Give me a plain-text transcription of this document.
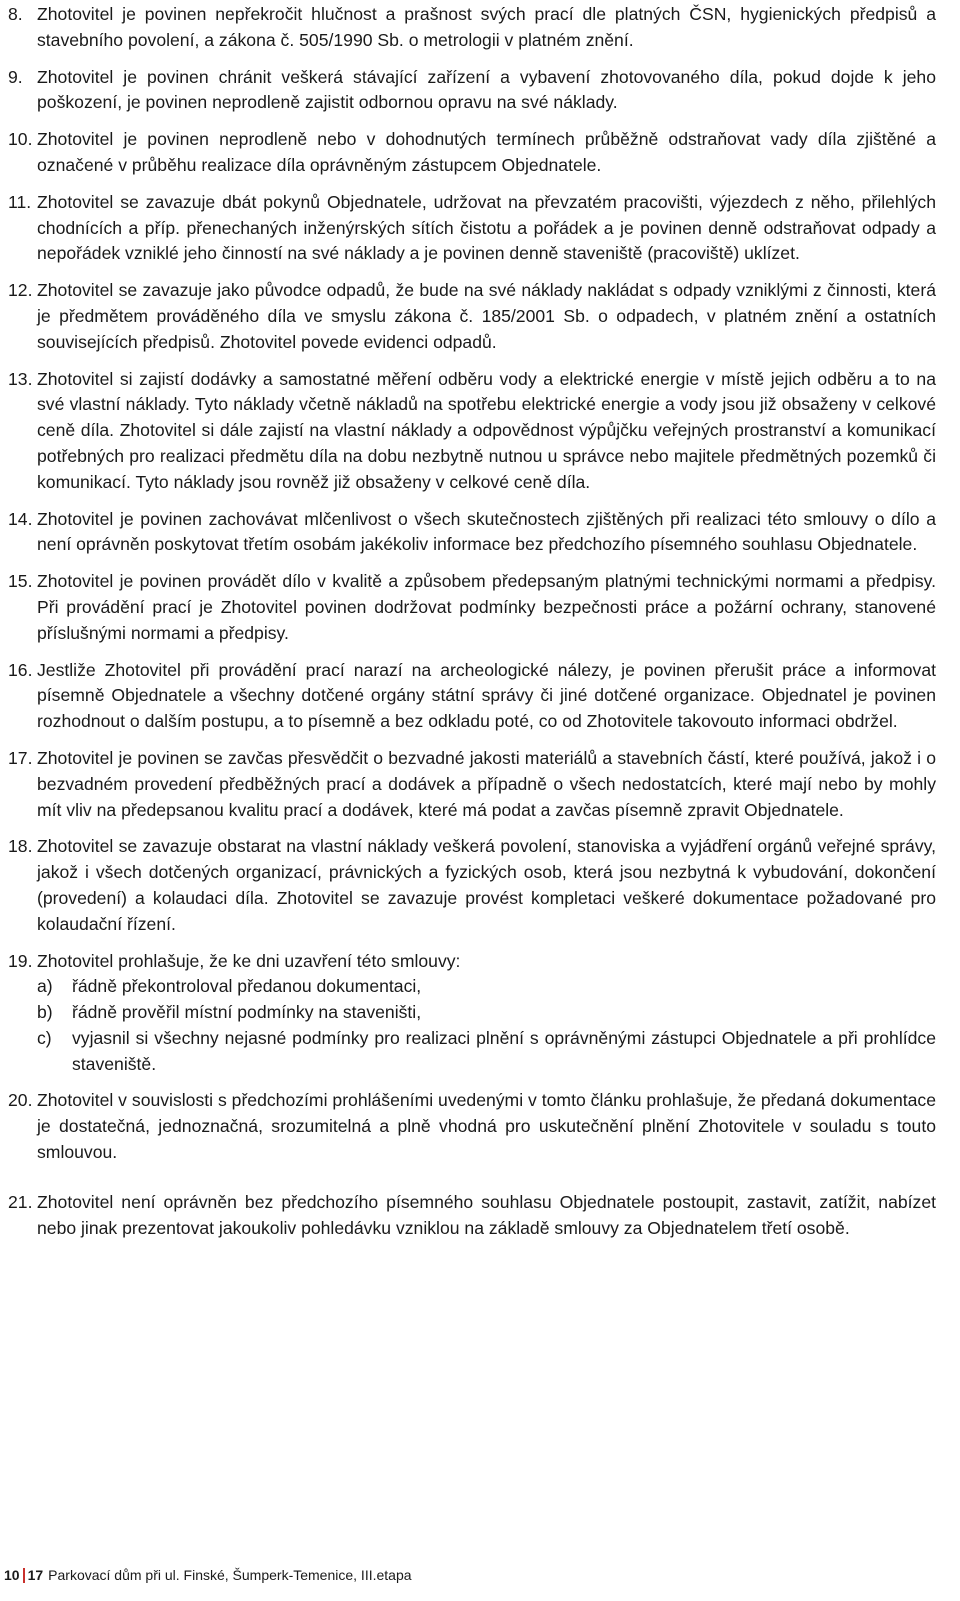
8. Zhotovitel je povinen nepřekročit hlučnost a prašnost svých prací dle platných ČSN, hygienických předpisů a stavebního povolení, a zákona č. 505/1990 Sb. o metrologii v platném znění.
9. Zhotovitel je povinen chránit veškerá stávající zařízení a vybavení zhotovovaného díla, pokud dojde k jeho poškození, je povinen neprodleně zajistit odbornou opravu na své náklady.
10. Zhotovitel je povinen neprodleně nebo v dohodnutých termínech průběžně odstraňovat vady díla zjištěné a označené v průběhu realizace díla oprávněným zástupcem Objednatele.
11. Zhotovitel se zavazuje dbát pokynů Objednatele, udržovat na převzatém pracovišti, výjezdech z něho, přilehlých chodnících a příp. přenechaných inženýrských sítích čistotu a pořádek a je povinen denně odstraňovat odpady a nepořádek vzniklé jeho činností na své náklady a je povinen denně staveniště (pracoviště) uklízet.
12. Zhotovitel se zavazuje jako původce odpadů, že bude na své náklady nakládat s odpady vzniklými z činnosti, která je předmětem prováděného díla ve smyslu zákona č. 185/2001 Sb. o odpadech, v platném znění a ostatních souvisejících předpisů. Zhotovitel povede evidenci odpadů.
13. Zhotovitel si zajistí dodávky a samostatné měření odběru vody a elektrické energie v místě jejich odběru a to na své vlastní náklady. Tyto náklady včetně nákladů na spotřebu elektrické energie a vody jsou již obsaženy v celkové ceně díla. Zhotovitel si dále zajistí na vlastní náklady a odpovědnost výpůjčku veřejných prostranství a komunikací potřebných pro realizaci předmětu díla na dobu nezbytně nutnou u správce nebo majitele předmětných pozemků či komunikací. Tyto náklady jsou rovněž již obsaženy v celkové ceně díla.
14. Zhotovitel je povinen zachovávat mlčenlivost o všech skutečnostech zjištěných při realizaci této smlouvy o dílo a není oprávněn poskytovat třetím osobám jakékoliv informace bez předchozího písemného souhlasu Objednatele.
15. Zhotovitel je povinen provádět dílo v kvalitě a způsobem předepsaným platnými technickými normami a předpisy. Při provádění prací je Zhotovitel povinen dodržovat podmínky bezpečnosti práce a požární ochrany, stanovené příslušnými normami a předpisy.
16. Jestliže Zhotovitel při provádění prací narazí na archeologické nálezy, je povinen přerušit práce a informovat písemně Objednatele a všechny dotčené orgány státní správy či jiné dotčené organizace. Objednatel je povinen rozhodnout o dalším postupu, a to písemně a bez odkladu poté, co od Zhotovitele takovouto informaci obdržel.
17. Zhotovitel je povinen se zavčas přesvědčit o bezvadné jakosti materiálů a stavebních částí, které používá, jakož i o bezvadném provedení předběžných prací a dodávek a případně o všech nedostatcích, které mají nebo by mohly mít vliv na předepsanou kvalitu prací a dodávek, které má podat a zavčas písemně zpravit Objednatele.
18. Zhotovitel se zavazuje obstarat na vlastní náklady veškerá povolení, stanoviska a vyjádření orgánů veřejné správy, jakož i všech dotčených organizací, právnických a fyzických osob, která jsou nezbytná k vybudování, dokončení (provedení) a kolaudaci díla. Zhotovitel se zavazuje provést kompletaci veškeré dokumentace požadované pro kolaudační řízení.
19. Zhotovitel prohlašuje, že ke dni uzavření této smlouvy:
a)	řádně překontroloval předanou dokumentaci,
b)	řádně prověřil místní podmínky na staveništi,
c)	vyjasnil si všechny nejasné podmínky pro realizaci plnění s oprávněnými zástupci Objednatele a při prohlídce staveniště.
20. Zhotovitel v souvislosti s předchozími prohlášeními uvedenými v tomto článku prohlašuje, že předaná dokumentace je dostatečná, jednoznačná, srozumitelná a plně vhodná pro uskutečnění plnění Zhotovitele v souladu s touto smlouvou.
21. Zhotovitel není oprávněn bez předchozího písemného souhlasu Objednatele postoupit, zastavit, zatížit, nabízet nebo jinak prezentovat jakoukoliv pohledávku vzniklou na základě smlouvy za Objednatelem třetí osobě.
10 17 Parkovací dům při ul. Finské, Šumperk-Temenice, III.etapa
